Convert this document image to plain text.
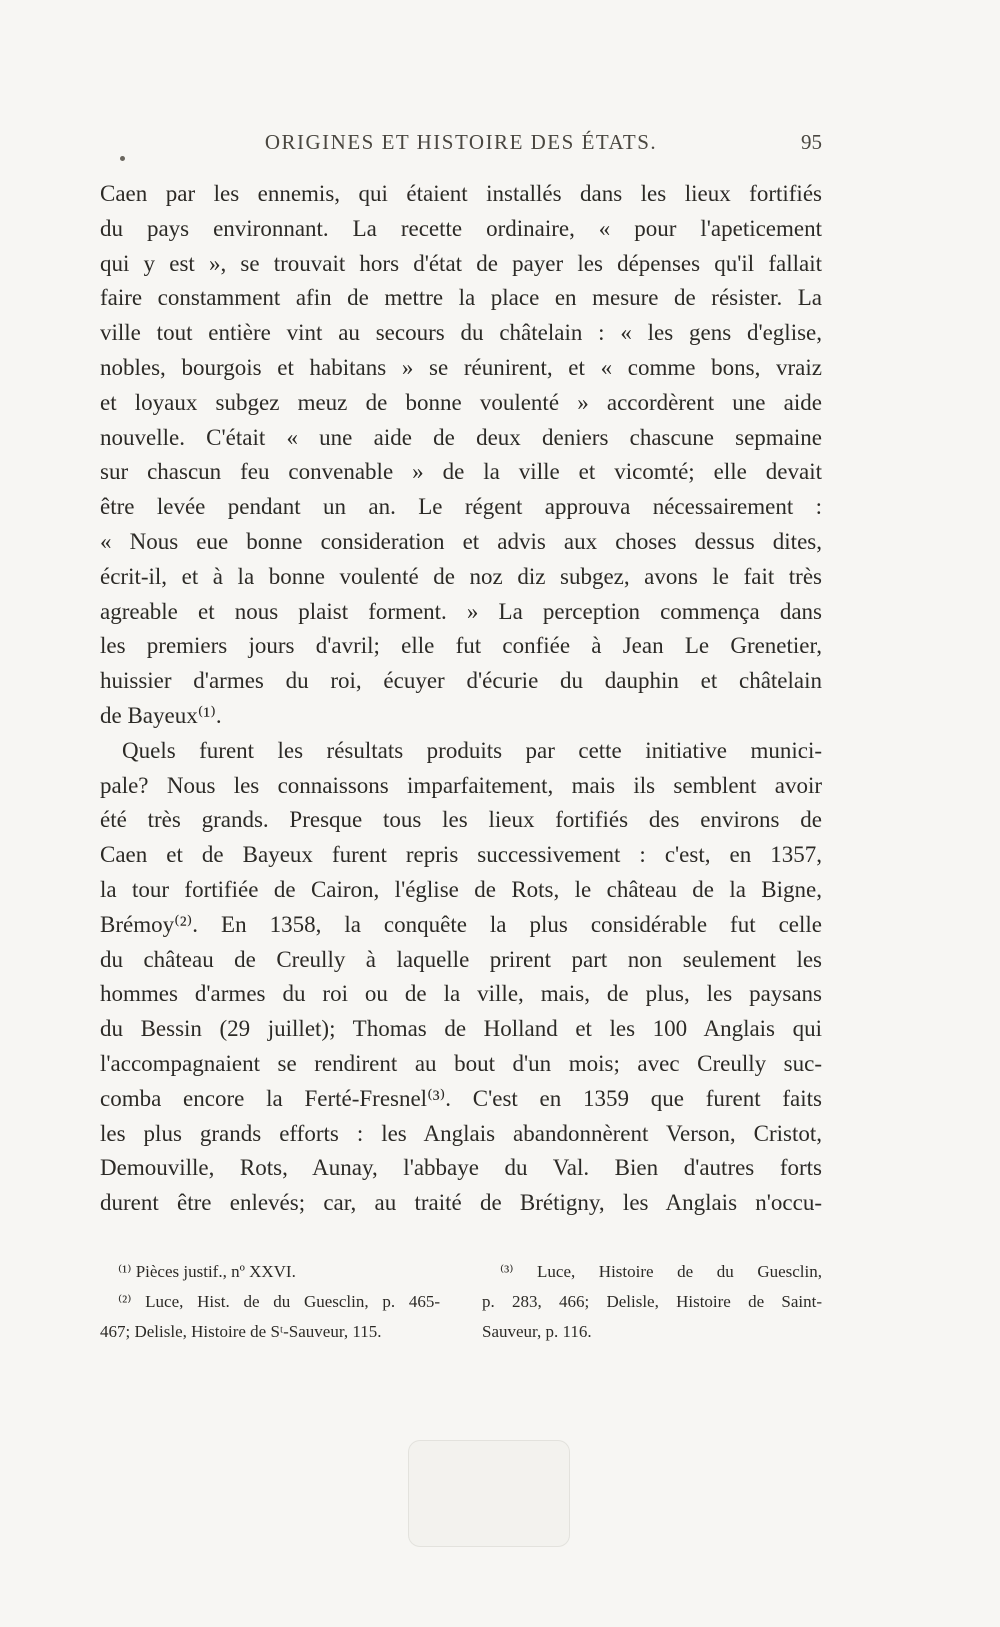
ORIGINES ET HISTOIRE DES ÉTATS.	95
Caen par les ennemis, qui étaient installés dans les lieux fortifiés
du pays environnant. La recette ordinaire, « pour l'apeticement
qui y est », se trouvait hors d'état de payer les dépenses qu'il fallait
faire constamment afin de mettre la place en mesure de résister. La
ville tout entière vint au secours du châtelain : « les gens d'eglise,
nobles, bourgois et habitans » se réunirent, et « comme bons, vraiz
et loyaux subgez meuz de bonne voulenté » accordèrent une aide
nouvelle. C'était « une aide de deux deniers chascune sepmaine
sur chascun feu convenable » de la ville et vicomté; elle devait
être levée pendant un an. Le régent approuva nécessairement :
« Nous eue bonne consideration et advis aux choses dessus dites,
écrit-il, et à la bonne voulenté de noz diz subgez, avons le fait très
agreable et nous plaist forment. » La perception commença dans
les premiers jours d'avril; elle fut confiée à Jean Le Grenetier,
huissier d'armes du roi, écuyer d'écurie du dauphin et châtelain
de Bayeux⁽¹⁾.
Quels furent les résultats produits par cette initiative munici-
pale? Nous les connaissons imparfaitement, mais ils semblent avoir
été très grands. Presque tous les lieux fortifiés des environs de
Caen et de Bayeux furent repris successivement : c'est, en 1357,
la tour fortifiée de Cairon, l'église de Rots, le château de la Bigne,
Brémoy⁽²⁾. En 1358, la conquête la plus considérable fut celle
du château de Creully à laquelle prirent part non seulement les
hommes d'armes du roi ou de la ville, mais, de plus, les paysans
du Bessin (29 juillet); Thomas de Holland et les 100 Anglais qui
l'accompagnaient se rendirent au bout d'un mois; avec Creully suc-
comba encore la Ferté-Fresnel⁽³⁾. C'est en 1359 que furent faits
les plus grands efforts : les Anglais abandonnèrent Verson, Cristot,
Demouville, Rots, Aunay, l'abbaye du Val. Bien d'autres forts
durent être enlevés; car, au traité de Brétigny, les Anglais n'occu-
⁽¹⁾ Pièces justif., nº XXVI.
⁽²⁾ Luce, Hist. de du Guesclin, p. 465-
467; Delisle, Histoire de Sᵗ-Sauveur, 115.
⁽³⁾ Luce, Histoire de du Guesclin,
p. 283, 466; Delisle, Histoire de Saint-
Sauveur, p. 116.
